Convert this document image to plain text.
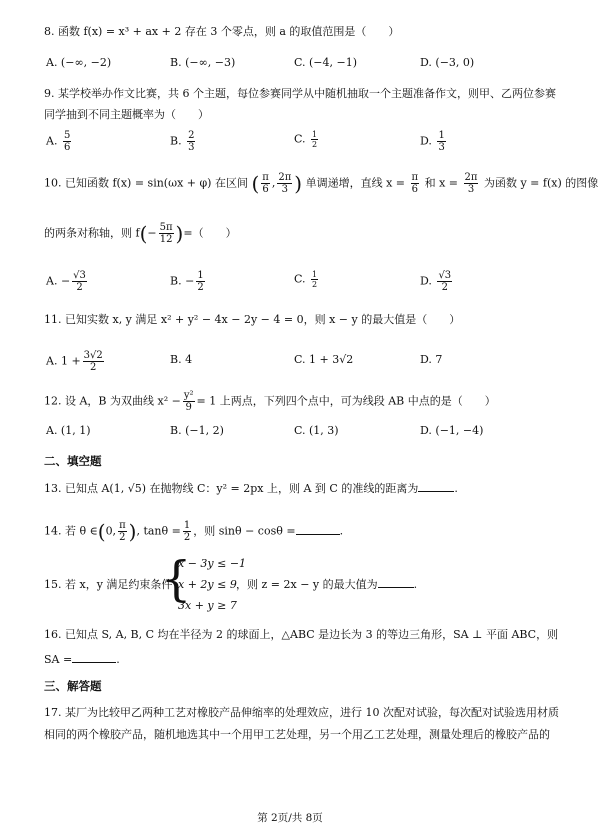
8. 函数 f(x) = x³ + ax + 2 存在 3 个零点，则 a 的取值范围是（　　）
A. (−∞, −2)	B. (−∞, −3)	C. (−4, −1)	D. (−3, 0)
9. 某学校举办作文比赛，共 6 个主题，每位参赛同学从中随机抽取一个主题准备作文，则甲、乙两位参赛
同学抽到不同主题概率为（　　）
A. $\frac{5}{6}$	B. $\frac{2}{3}$	C. $\frac{1}{2}$	D. $\frac{1}{3}$
10. 已知函数 f(x) = sin(ωx + φ) 在区间 ( $\frac{\pi}{6}$ , $\frac{2\pi}{3}$ ) 单调递增，直线 $x = \frac{\pi}{6}$ 和 $x = \frac{2\pi}{3}$ 为函数 y = f(x) 的图像
的两条对称轴，则 $f(- \frac{5\pi}{12}$ )=（　　）
A. − $\frac{√3}{2}$	B. − $\frac{1}{2}$	C. $\frac{1}{2}$	D. $\frac{√3}{2}$
11. 已知实数 x, y 满足 x² + y² − 4x − 2y − 4 = 0，则 x − y 的最大值是（　　）
A. $1 + \frac{3√2}{2}$	B. 4	C. 1 + 3√2	D. 7
12. 设 A，B 为双曲线 $x^2 - \frac{\text{y²}}{9} = 1$ 上两点，下列四个点中，可为线段 AB 中点的是（　　）
A. (1, 1)	B. (−1, 2)	C. (1, 3)	D. (−1, −4)
二、填空题
13. 已知点 A(1, √5) 在抛物线 C：y² = 2px 上，则 A 到 C 的准线的距离为	.
14. 若 θ ∈(0, $\frac{\pi}{2}$ ), $\tan\theta = \frac{1}{2}$ ，则 sinθ − cosθ =	.
15. 若 x，y 满足约束条件
{
x − 3y ≤ −1
x + 2y ≤ 9
3x + y ≥ 7
，则 z = 2x − y 的最大值为	.
16. 已知点 S, A, B, C 均在半径为 2 的球面上，△ABC 是边长为 3 的等边三角形，SA ⊥ 平面 ABC，则
SA =	.
三、解答题
17. 某厂为比较甲乙两种工艺对橡胶产品伸缩率的处理效应，进行 10 次配对试验，每次配对试验选用材质
相同的两个橡胶产品，随机地选其中一个用甲工艺处理，另一个用乙工艺处理，测量处理后的橡胶产品的
第 2页/共 8页
